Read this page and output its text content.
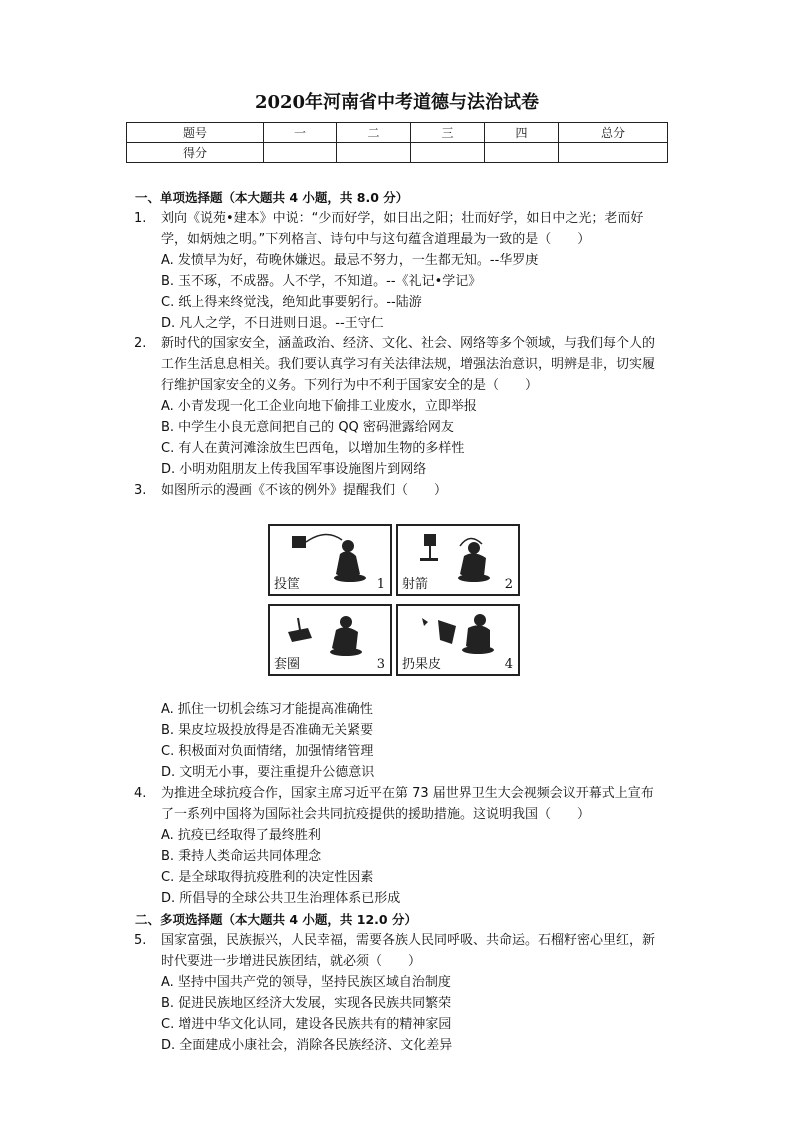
2020年河南省中考道德与法治试卷
题号	一	二	三	四	总分
得分					
一、单项选择题（本大题共 4 小题，共 8.0 分）
1.	刘向《说苑•建本》中说：“少而好学，如日出之阳；壮而好学，如日中之光；老而好学，如炳烛之明。”下列格言、诗句中与这句蕴含道理最为一致的是（　　）
A. 发愤早为好，苟晚休嫌迟。最忌不努力，一生都无知。--华罗庚
B. 玉不琢，不成器。人不学，不知道。--《礼记•学记》
C. 纸上得来终觉浅，绝知此事要躬行。--陆游
D. 凡人之学，不日进则日退。--王守仁
2.	新时代的国家安全，涵盖政治、经济、文化、社会、网络等多个领域，与我们每个人的工作生活息息相关。我们要认真学习有关法律法规，增强法治意识，明辨是非，切实履行维护国家安全的义务。下列行为中不利于国家安全的是（　　）
A. 小青发现一化工企业向地下偷排工业废水，立即举报
B. 中学生小良无意间把自己的 QQ 密码泄露给网友
C. 有人在黄河滩涂放生巴西龟，以增加生物的多样性
D. 小明劝阻朋友上传我国军事设施图片到网络
3.	如图所示的漫画《不该的例外》提醒我们（　　）
投筐	1 射箭	2
套圈	3 扔果皮	4
A. 抓住一切机会练习才能提高准确性
B. 果皮垃圾投放得是否准确无关紧要
C. 积极面对负面情绪，加强情绪管理
D. 文明无小事，要注重提升公德意识
4.	为推进全球抗疫合作，国家主席习近平在第 73 届世界卫生大会视频会议开幕式上宣布了一系列中国将为国际社会共同抗疫提供的援助措施。这说明我国（　　）
A. 抗疫已经取得了最终胜利
B. 秉持人类命运共同体理念
C. 是全球取得抗疫胜利的决定性因素
D. 所倡导的全球公共卫生治理体系已形成
二、多项选择题（本大题共 4 小题，共 12.0 分）
5.	国家富强，民族振兴，人民幸福，需要各族人民同呼吸、共命运。石榴籽密心里红，新时代要进一步增进民族团结，就必须（　　）
A. 坚持中国共产党的领导，坚持民族区域自治制度
B. 促进民族地区经济大发展，实现各民族共同繁荣
C. 增进中华文化认同，建设各民族共有的精神家园
D. 全面建成小康社会，消除各民族经济、文化差异
